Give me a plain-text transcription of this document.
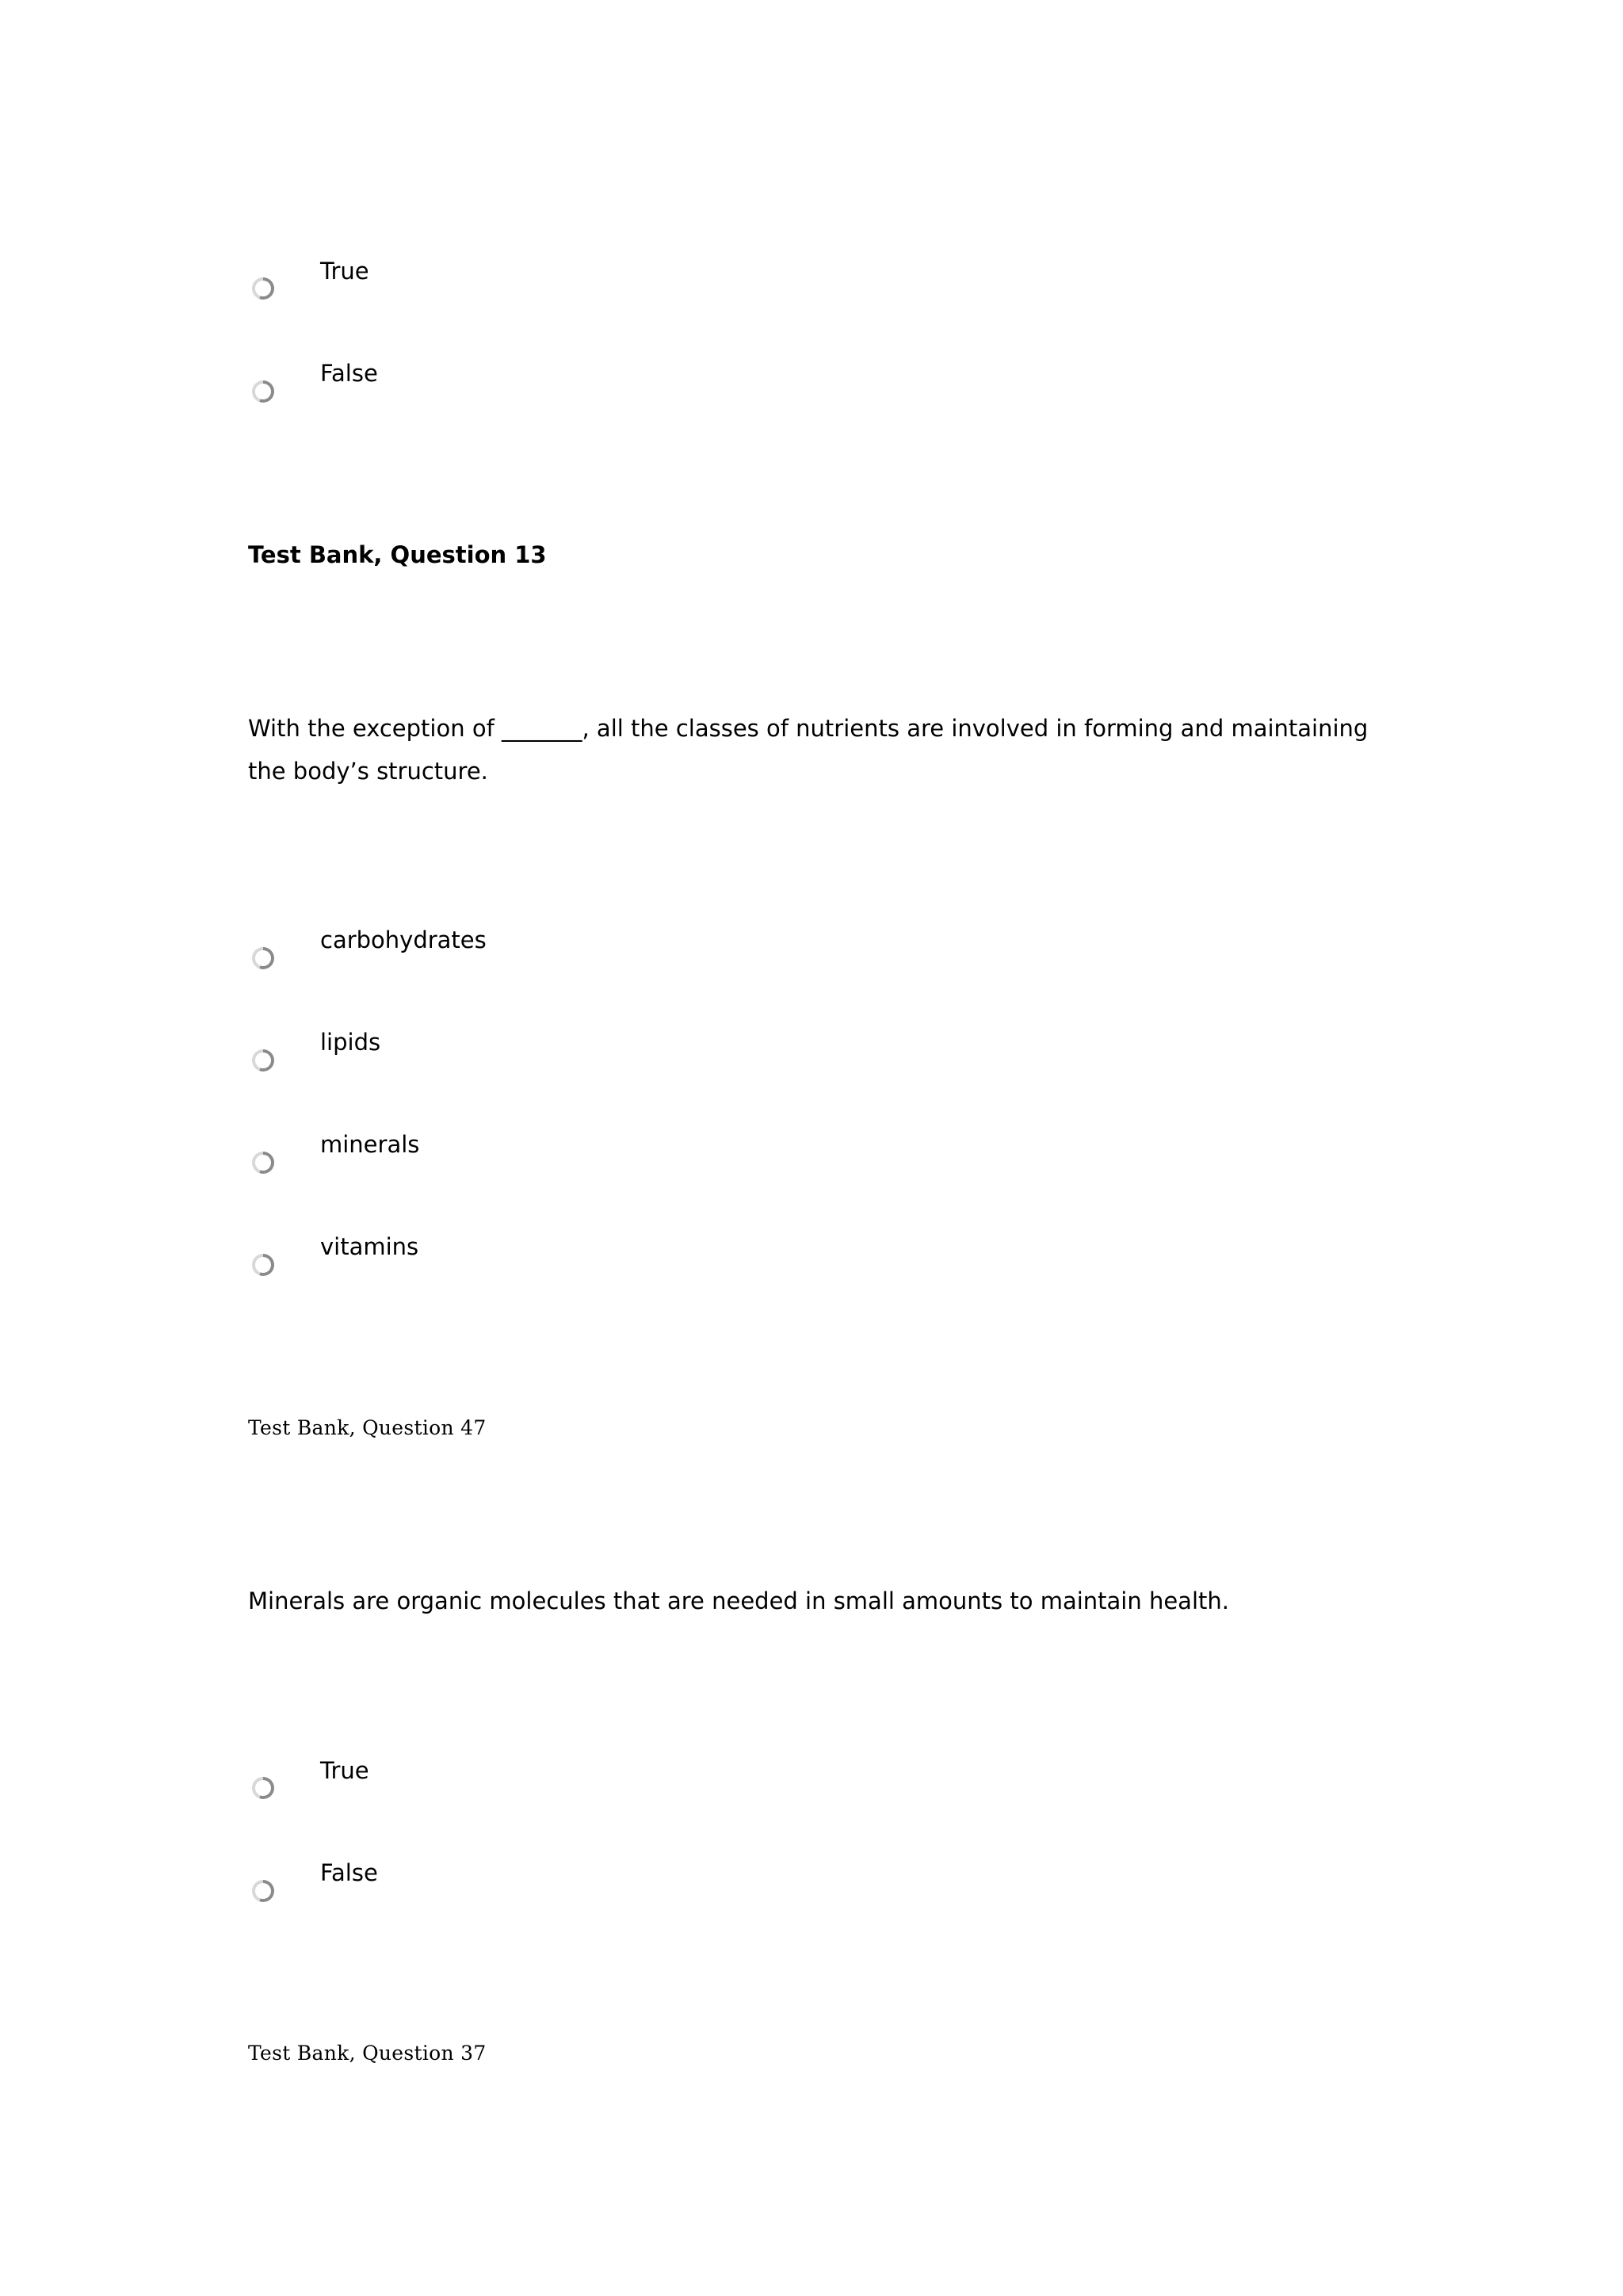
True
False
Test Bank, Question 13
With the exception of _______, all the classes of nutrients are involved in forming and maintaining the body’s structure.
carbohydrates
lipids
minerals
vitamins
Test Bank, Question 47
Minerals are organic molecules that are needed in small amounts to maintain health.
True
False
Test Bank, Question 37
